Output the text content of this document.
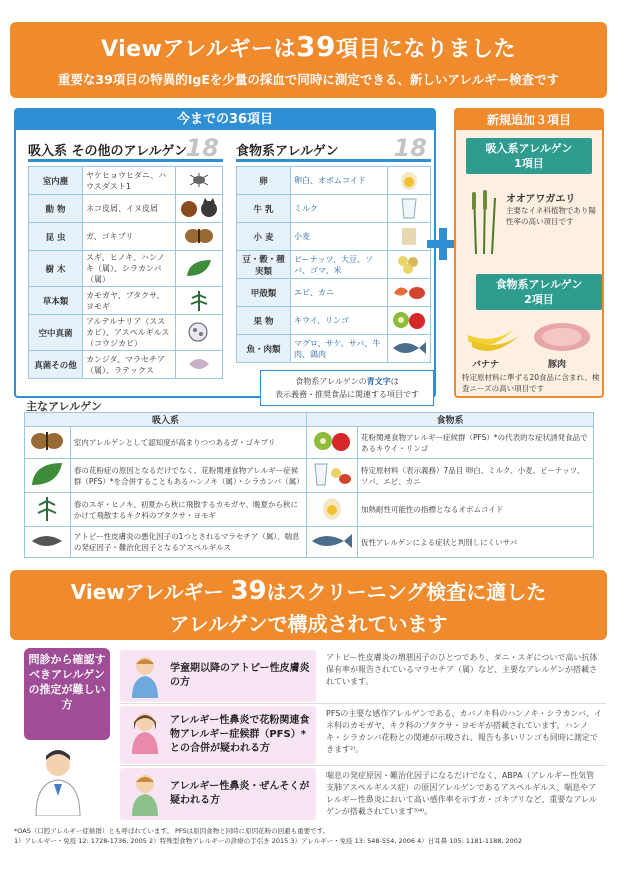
Viewアレルギーは39項目になりました
重要な39項目の特異的IgEを少量の採血で同時に測定できる、新しいアレルギー検査です
今までの36項目
吸入系 その他のアレルゲン
18
室内塵	ヤケヒョウヒダニ、ハウスダスト1	
動 物	ネコ皮屑、イヌ皮屑	
昆 虫	ガ、ゴキブリ	
樹 木	スギ、ヒノキ、ハンノキ（属）、シラカンバ（属）	
草本類	カモガヤ、ブタクサ、ヨモギ	
空中真菌	アルテルナリア（ススカビ）、アスペルギルス（コウジカビ）	
真菌その他	カンジダ、マラセチア（属）、ラテックス	
食物系アレルゲン 18
卵	卵白、オボムコイド	
牛 乳	ミルク	
小 麦	小麦	
豆・穀・種実類	ピーナッツ、大豆、ソバ、ゴマ、米	
甲殻類	エビ、カニ	
果 物	キウイ、リンゴ	
魚・肉類	マグロ、サケ、サバ、牛肉、鶏肉	
食物系アレルゲンの青文字は
表示義務・推奨食品に関連する項目です
新規追加３項目
吸入系アレルゲン
1項目
オオアワガエリ
主要なイネ科植物であり陽性率の高い項目です
食物系アレルゲン
2項目
バナナ	豚肉
特定原材料に準ずる20食品に含まれ、検査ニーズの高い項目です
主なアレルゲン
吸入系		食物系	
	室内アレルゲンとして認知度が高まりつつあるガ・ゴキブリ		花粉関連食物アレルギー症候群（PFS）*の代表的な症状誘発食品であるキウイ・リンゴ
	春の花粉症の原因となるだけでなく、花粉関連食物アレルギー症候群（PFS）*を合併することもあるハンノキ（属）・シラカンバ（属）		特定原材料（表示義務）7品目 卵白、ミルク、小麦、ピーナッツ、ソバ、エビ、カニ
	春のスギ・ヒノキ、初夏から秋に飛散するカモガヤ、晩夏から秋にかけて飛散するキク科のブタクサ・ヨモギ		加熱耐性可能性の指標となるオボムコイド
	アトピー性皮膚炎の悪化因子の1つとされるマラセチア（属）、喘息の発症因子・難治化因子となるアスペルギルス		仮性アレルゲンによる症状と判別しにくいサバ
Viewアレルギー 39はスクリーニング検査に適した
アレルゲンで構成されています
問診から確認すべきアレルゲンの推定が難しい方
学童期以降のアトピー性皮膚炎の方
アトピー性皮膚炎の増悪因子のひとつであり、ダニ・スギについで高い抗体保有率が報告されているマラセチア（属）など、主要なアレルゲンが搭載されています。
アレルギー性鼻炎で花粉関連食物アレルギー症候群（PFS）*との合併が疑われる方
PFSの主要な感作アレルゲンである、カバノキ科のハンノキ・シラカンバ、イネ科のカモガヤ、キク科のブタクサ・ヨモギが搭載されています。ハンノキ・シラカンバ花粉との関連が示唆され、報告も多いリンゴも同時に測定できます²⁾。
アレルギー性鼻炎・ぜんそくが疑われる方
喘息の発症原因・難治化因子になるだけでなく、ABPA（アレルギー性気管支肺アスペルギルス症）の原因アレルゲンであるアスペルギルス、喘息やアレルギー性鼻炎において高い感作率を示すガ・ゴキブリなど、重要なアレルゲンが搭載されています³⁾⁴⁾。
*OAS（口腔アレルギー症候群）とも呼ばれています。 PFSは原因食物と同時に原因花粉の回避も重要です。
1）アレルギー・免疫 12: 1728-1736, 2005 2）特殊型食物アレルギーの診療の手引き 2015 3）アレルギー・免疫 13: 548-554, 2006 4）日耳鼻 105: 1181-1188, 2002
